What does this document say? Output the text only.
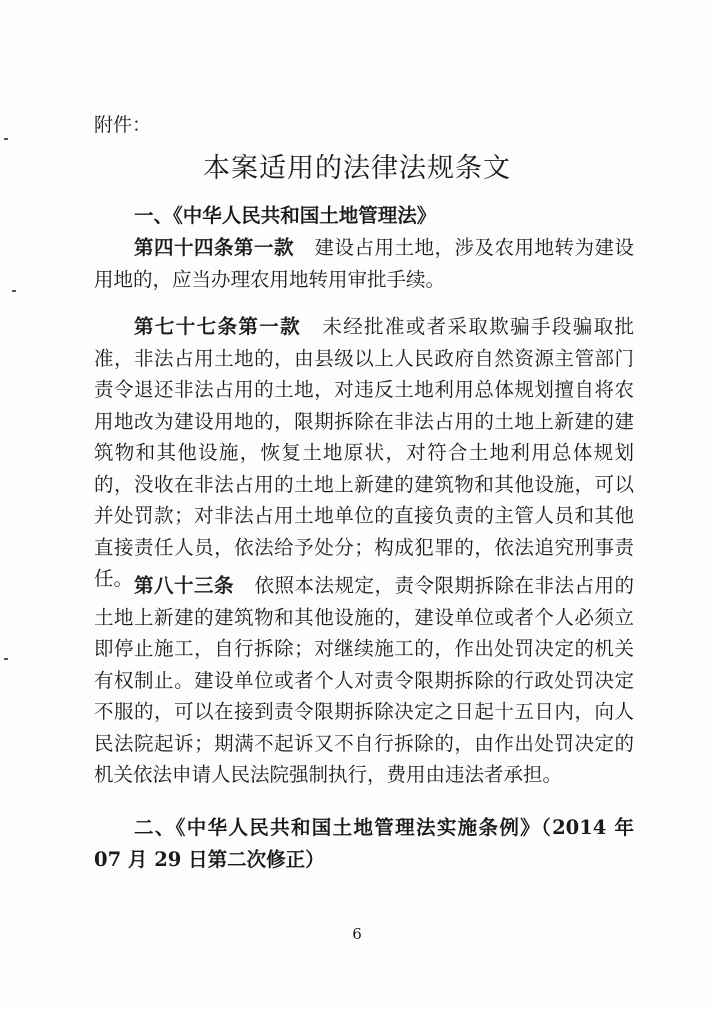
附件：
本案适用的法律法规条文
一、《中华人民共和国土地管理法》
第四十四条第一款 建设占用土地，涉及农用地转为建设用地的，应当办理农用地转用审批手续。
第七十七条第一款 未经批准或者采取欺骗手段骗取批准，非法占用土地的，由县级以上人民政府自然资源主管部门责令退还非法占用的土地，对违反土地利用总体规划擅自将农用地改为建设用地的，限期拆除在非法占用的土地上新建的建筑物和其他设施，恢复土地原状，对符合土地利用总体规划的，没收在非法占用的土地上新建的建筑物和其他设施，可以并处罚款；对非法占用土地单位的直接负责的主管人员和其他直接责任人员，依法给予处分；构成犯罪的，依法追究刑事责任。 第八十三条 依照本法规定，责令限期拆除在非法占用的土地上新建的建筑物和其他设施的，建设单位或者个人必须立即停止施工，自行拆除；对继续施工的，作出处罚决定的机关有权制止。建设单位或者个人对责令限期拆除的行政处罚决定不服的，可以在接到责令限期拆除决定之日起十五日内，向人民法院起诉；期满不起诉又不自行拆除的，由作出处罚决定的机关依法申请人民法院强制执行，费用由违法者承担。
二、《中华人民共和国土地管理法实施条例》（2014 年 07 月 29 日第二次修正）
6
